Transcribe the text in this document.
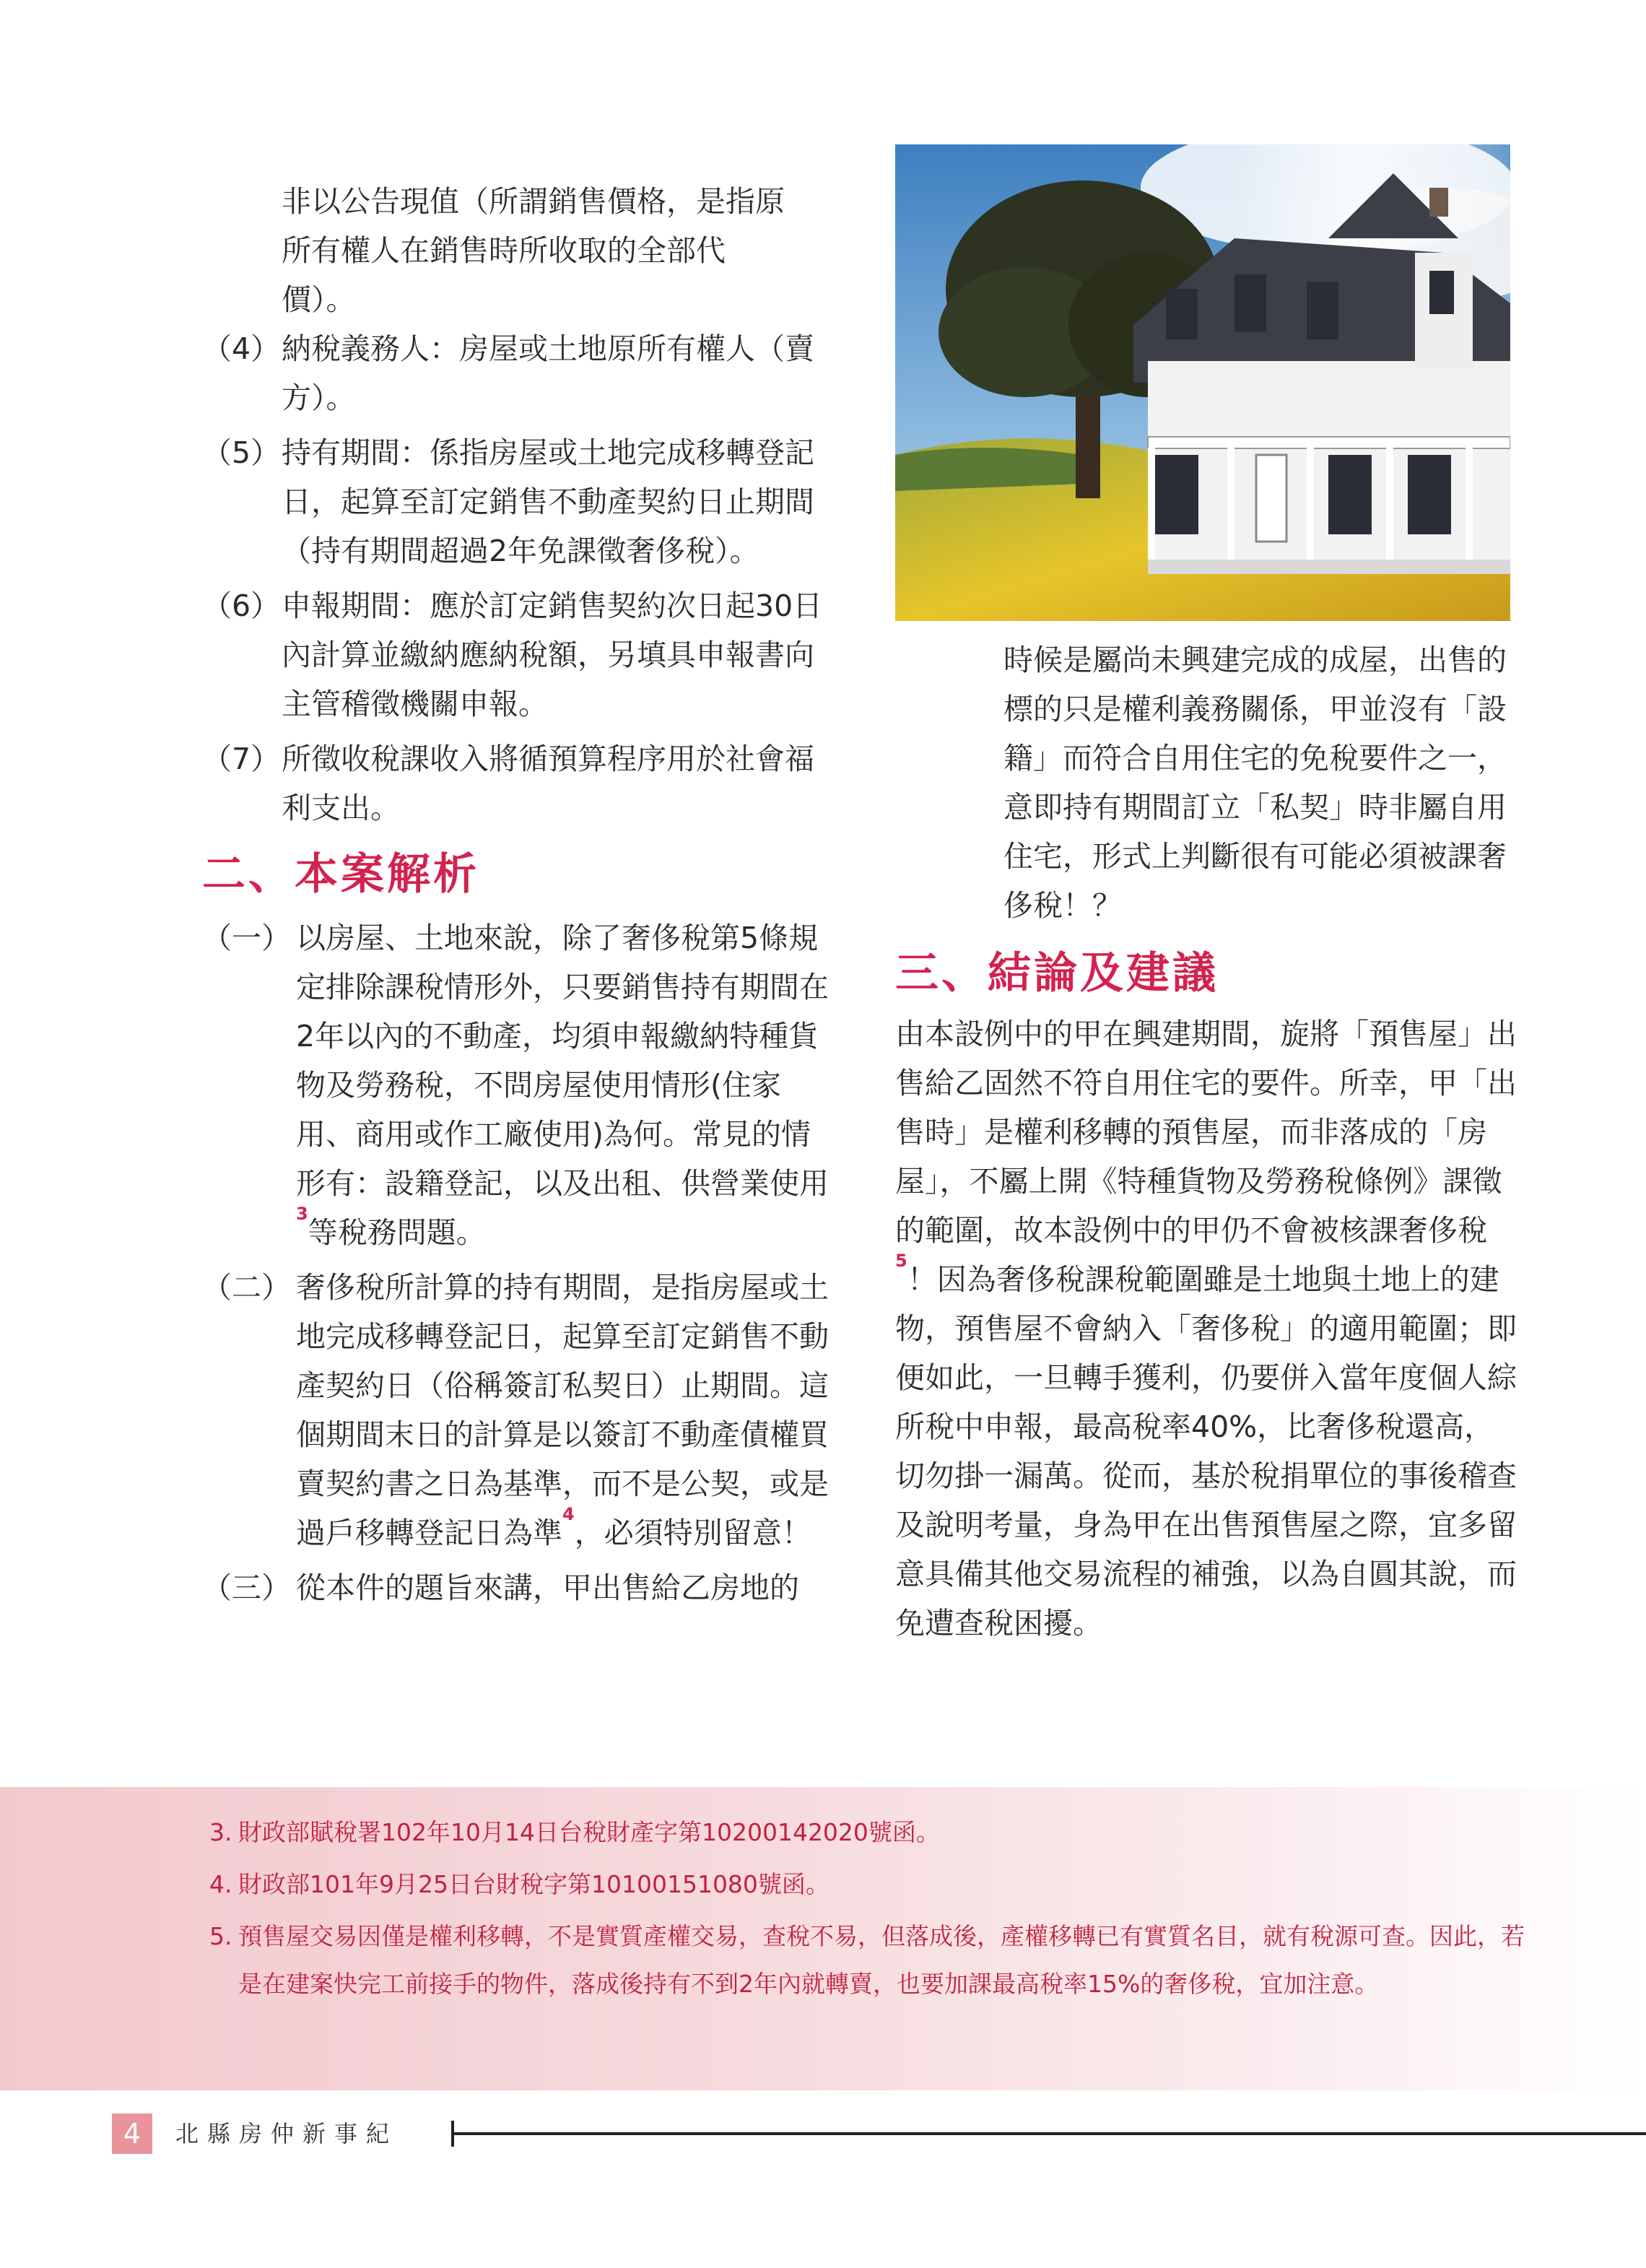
非以公告現值（所謂銷售價格，是指原
所有權人在銷售時所收取的全部代
價）。
（4） 納稅義務人：房屋或土地原所有權人（賣方）。
（5） 持有期間：係指房屋或土地完成移轉登記日，起算至訂定銷售不動產契約日止期間（持有期間超過2年免課徵奢侈稅）。
（6） 申報期間：應於訂定銷售契約次日起30日內計算並繳納應納稅額，另填具申報書向主管稽徵機關申報。
（7） 所徵收稅課收入將循預算程序用於社會福利支出。
二、本案解析
（一） 以房屋、土地來說，除了奢侈稅第5條規定排除課稅情形外，只要銷售持有期間在2年以內的不動產，均須申報繳納特種貨物及勞務稅，不問房屋使用情形(住家用、商用或作工廠使用)為何。常見的情形有：設籍登記，以及出租、供營業使用$^3$等稅務問題。
（二） 奢侈稅所計算的持有期間，是指房屋或土地完成移轉登記日，起算至訂定銷售不動產契約日（俗稱簽訂私契日）止期間。這個期間末日的計算是以簽訂不動產債權買賣契約書之日為基準，而不是公契，或是過戶移轉登記日為準$^4$，必須特別留意！
（三） 從本件的題旨來講，甲出售給乙房地的
時候是屬尚未興建完成的成屋，出售的標的只是權利義務關係，甲並沒有「設籍」而符合自用住宅的免稅要件之一，意即持有期間訂立「私契」時非屬自用住宅，形式上判斷很有可能必須被課奢侈稅！？
三、結論及建議
由本設例中的甲在興建期間，旋將「預售屋」出售給乙固然不符自用住宅的要件。所幸，甲「出售時」是權利移轉的預售屋，而非落成的「房屋」，不屬上開《特種貨物及勞務稅條例》課徵的範圍，故本設例中的甲仍不會被核課奢侈稅$^5$！因為奢侈稅課稅範圍雖是土地與土地上的建物，預售屋不會納入「奢侈稅」的適用範圍；即便如此，一旦轉手獲利，仍要併入當年度個人綜所稅中申報，最高稅率40%，比奢侈稅還高，切勿掛一漏萬。從而，基於稅捐單位的事後稽查及說明考量，身為甲在出售預售屋之際，宜多留意具備其他交易流程的補強，以為自圓其說，而免遭查稅困擾。
3. 財政部賦稅署102年10月14日台稅財產字第10200142020號函。
4. 財政部101年9月25日台財稅字第10100151080號函。
5. 預售屋交易因僅是權利移轉，不是實質產權交易，查稅不易，但落成後，產權移轉已有實質名目，就有稅源可查。因此，若是在建案快完工前接手的物件，落成後持有不到2年內就轉賣，也要加課最高稅率15%的奢侈稅，宜加注意。
4	北縣房仲新事紀
